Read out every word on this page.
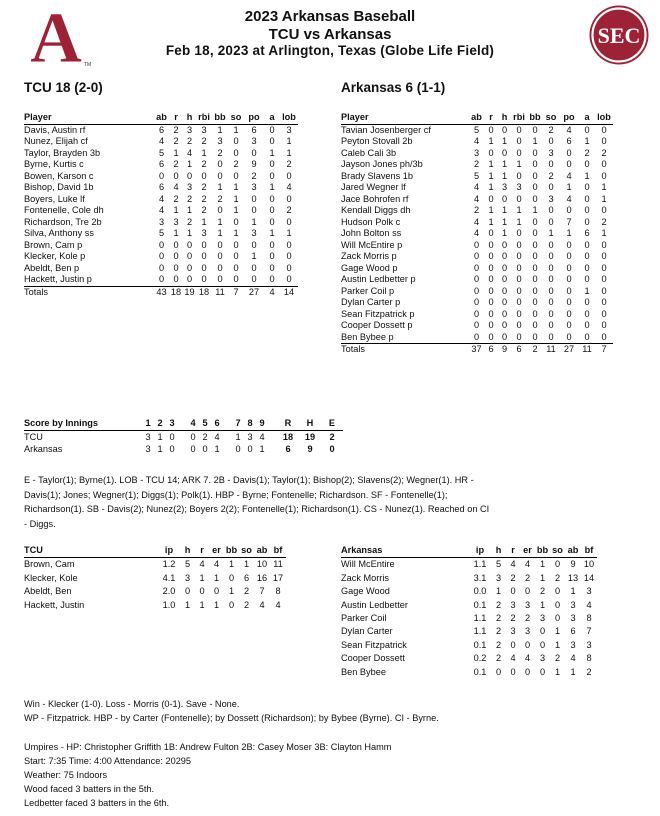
A TM
SEC
2023 Arkansas Baseball
TCU vs Arkansas
Feb 18, 2023 at Arlington, Texas (Globe Life Field)
TCU 18 (2-0)	Arkansas 6 (1-1)
Player	ab	r	h	rbi	bb	so	po	a	lob
Davis, Austin rf	6	2	3	3	1	1	6	0	3
Nunez, Elijah cf	4	2	2	2	3	0	3	0	1
Taylor, Brayden 3b	5	1	4	1	2	0	0	1	1
Byrne, Kurtis c	6	2	1	2	0	2	9	0	2
Bowen, Karson c	0	0	0	0	0	0	2	0	0
Bishop, David 1b	6	4	3	2	1	1	3	1	4
Boyers, Luke lf	4	2	2	2	2	1	0	0	0
Fontenelle, Cole dh	4	1	1	2	0	1	0	0	2
Richardson, Tre 2b	3	3	2	1	1	0	1	0	0
Silva, Anthony ss	5	1	1	3	1	1	3	1	1
Brown, Cam p	0	0	0	0	0	0	0	0	0
Klecker, Kole p	0	0	0	0	0	0	1	0	0
Abeldt, Ben p	0	0	0	0	0	0	0	0	0
Hackett, Justin p	0	0	0	0	0	0	0	0	0
Totals	43	18	19	18	11	7	27	4	14
Player	ab	r	h	rbi	bb	so	po	a	lob
Tavian Josenberger cf	5	0	0	0	0	2	4	0	0
Peyton Stovall 2b	4	1	1	0	1	0	6	1	0
Caleb Cali 3b	3	0	0	0	0	3	0	2	2
Jayson Jones ph/3b	2	1	1	1	0	0	0	0	0
Brady Slavens 1b	5	1	1	0	0	2	4	1	0
Jared Wegner lf	4	1	3	3	0	0	1	0	1
Jace Bohrofen rf	4	0	0	0	0	3	4	0	1
Kendall Diggs dh	2	1	1	1	1	0	0	0	0
Hudson Polk c	4	1	1	1	0	0	7	0	2
John Bolton ss	4	0	1	0	0	1	1	6	1
Will McEntire p	0	0	0	0	0	0	0	0	0
Zack Morris p	0	0	0	0	0	0	0	0	0
Gage Wood p	0	0	0	0	0	0	0	0	0
Austin Ledbetter p	0	0	0	0	0	0	0	0	0
Parker Coil p	0	0	0	0	0	0	0	1	0
Dylan Carter p	0	0	0	0	0	0	0	0	0
Sean Fitzpatrick p	0	0	0	0	0	0	0	0	0
Cooper Dossett p	0	0	0	0	0	0	0	0	0
Ben Bybee p	0	0	0	0	0	0	0	0	0
Totals	37	6	9	6	2	11	27	11	7
Score by Innings	1	2	3		4	5	6		7	8	9		R	H	E
TCU	3	1	0		0	2	4		1	3	4		18	19	2
Arkansas	3	1	0		0	0	1		0	0	1		6	9	0
E - Taylor(1); Byrne(1). LOB - TCU 14; ARK 7. 2B - Davis(1); Taylor(1); Bishop(2); Slavens(2); Wegner(1). HR -
Davis(1); Jones; Wegner(1); Diggs(1); Polk(1). HBP - Byrne; Fontenelle; Richardson. SF - Fontenelle(1);
Richardson(1). SB - Davis(2); Nunez(2); Boyers 2(2); Fontenelle(1); Richardson(1). CS - Nunez(1). Reached on CI
- Diggs.
TCU	ip	h	r	er	bb	so	ab	bf
Brown, Cam	1.2	5	4	4	1	1	10	11
Klecker, Kole	4.1	3	1	1	0	6	16	17
Abeldt, Ben	2.0	0	0	0	1	2	7	8
Hackett, Justin	1.0	1	1	1	0	2	4	4
Arkansas	ip	h	r	er	bb	so	ab	bf
Will McEntire	1.1	5	4	4	1	0	9	10
Zack Morris	3.1	3	2	2	1	2	13	14
Gage Wood	0.0	1	0	0	2	0	1	3
Austin Ledbetter	0.1	2	3	3	1	0	3	4
Parker Coil	1.1	2	2	2	3	0	3	8
Dylan Carter	1.1	2	3	3	0	1	6	7
Sean Fitzpatrick	0.1	2	0	0	0	1	3	3
Cooper Dossett	0.2	2	4	4	3	2	4	8
Ben Bybee	0.1	0	0	0	0	1	1	2
Win - Klecker (1-0). Loss - Morris (0-1). Save - None.
WP - Fitzpatrick. HBP - by Carter (Fontenelle); by Dossett (Richardson); by Bybee (Byrne). CI - Byrne.
Umpires - HP: Christopher Griffith 1B: Andrew Fulton 2B: Casey Moser 3B: Clayton Hamm
Start: 7:35 Time: 4:00 Attendance: 20295
Weather: 75 Indoors
Wood faced 3 batters in the 5th.
Ledbetter faced 3 batters in the 6th.
